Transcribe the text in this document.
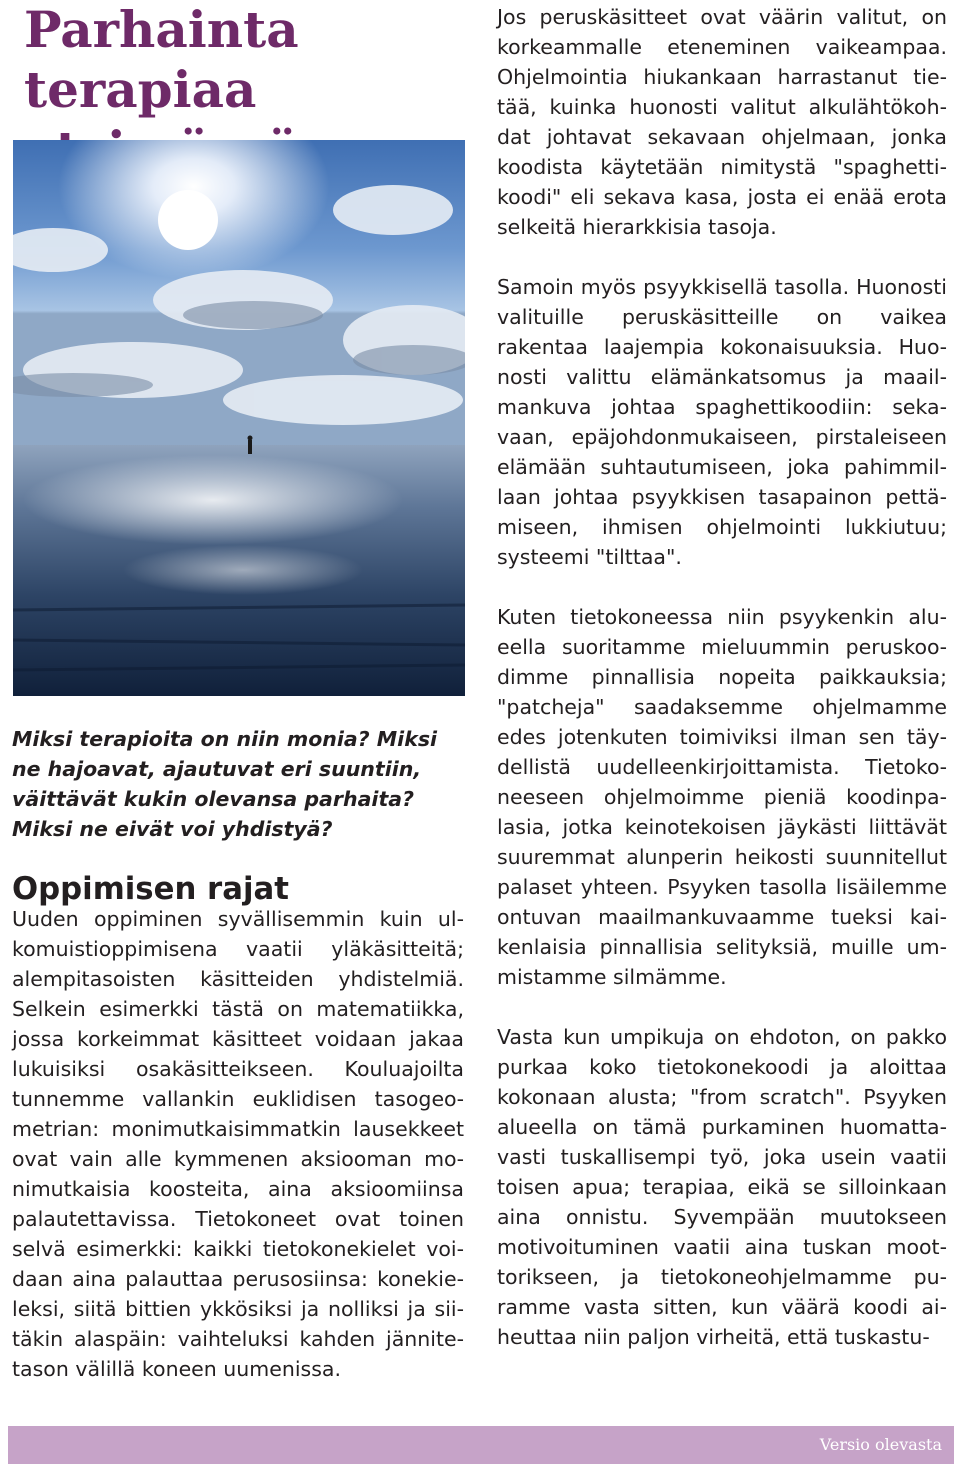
Parhainta terapiaa

Miksi terapioita on niin monia? Miksi ne hajoavat, ajautuvat eri suuntiin, väittävät kukin olevansa parhaita? Miksi ne eivät voi yhdistyä?

Oppimisen rajat

Uuden oppiminen syvällisemmin kuin ulkomuistioppimisena vaatii yläkäsitteitä; alempitasoisten käsitteiden yhdistelmiä. Selkein esimerkki tästä on matematiikka, jossa korkeimmat käsitteet voidaan jakaa lukuisiksi osakäsitteikseen. Kouluajoilta tunnemme vallankin euklidisen tasogeometrian: monimutkaisimmatkin lausekkeet ovat vain alle kymmenen aksiooman monimutkaisia koosteita, aina aksioomiinsa palautettavissa. Tietokoneet ovat toinen selvä esimerkki: kaikki tietokonekielet voidaan aina palauttaa perusosiinsa: konekieleksi, siitä bittien ykkösiksi ja nolliksi ja siitäkin alaspäin: vaihteluksi kahden jännitetason välillä koneen uumenissa.

Jos peruskäsitteet ovat väärin valitut, on korkeammalle eteneminen vaikeampaa. Ohjelmointia hiukankaan harrastanut tietää, kuinka huonosti valitut alkulähtökohdat johtavat sekavaan ohjelmaan, jonka koodista käytetään nimitystä "spaghettikoodi" eli sekava kasa, josta ei enää erota selkeitä hierarkkisia tasoja.

Samoin myös psyykkisellä tasolla. Huonosti valituille peruskäsitteille on vaikea rakentaa laajempia kokonaisuuksia. Huonosti valittu elämänkatsomus ja maailmankuva johtaa spaghettikoodiin: sekavaan, epäjohdonmukaiseen, pirstaleiseen elämään suhtautumiseen, joka pahimmillaan johtaa psyykkisen tasapainon pettämiseen, ihmisen ohjelmointi lukkiutuu; systeemi "tilttaa".

Kuten tietokoneessa niin psyykenkin alueella suoritamme mieluummin peruskoodimme pinnallisia nopeita paikkauksia; "patcheja" saadaksemme ohjelmamme edes jotenkuten toimiviksi ilman sen täydellistä uudelleenkirjoittamista. Tietokoneeseen ohjelmoimme pieniä koodinpalasia, jotka keinotekoisen jäykästi liittävät suuremmat alunperin heikosti suunnitellut palaset yhteen. Psyyken tasolla lisäilemme ontuvan maailmankuvaamme tueksi kaikenlaisia pinnallisia selityksiä, muille ummistamme silmämme.

Vasta kun umpikuja on ehdoton, on pakko purkaa koko tietokonekoodi ja aloittaa kokonaan alusta; "from scratch". Psyyken alueella on tämä purkaminen huomattavasti tuskallisempi työ, joka usein vaatii toisen apua; terapiaa, eikä se silloinkaan aina onnistu. Syvempään muutokseen motivoituminen vaatii aina tuskan moottorikseen, ja tietokoneohjelmamme puramme vasta sitten, kun väärä koodi aiheuttaa niin paljon virheitä, että tuskastu-

Versio olevasta
